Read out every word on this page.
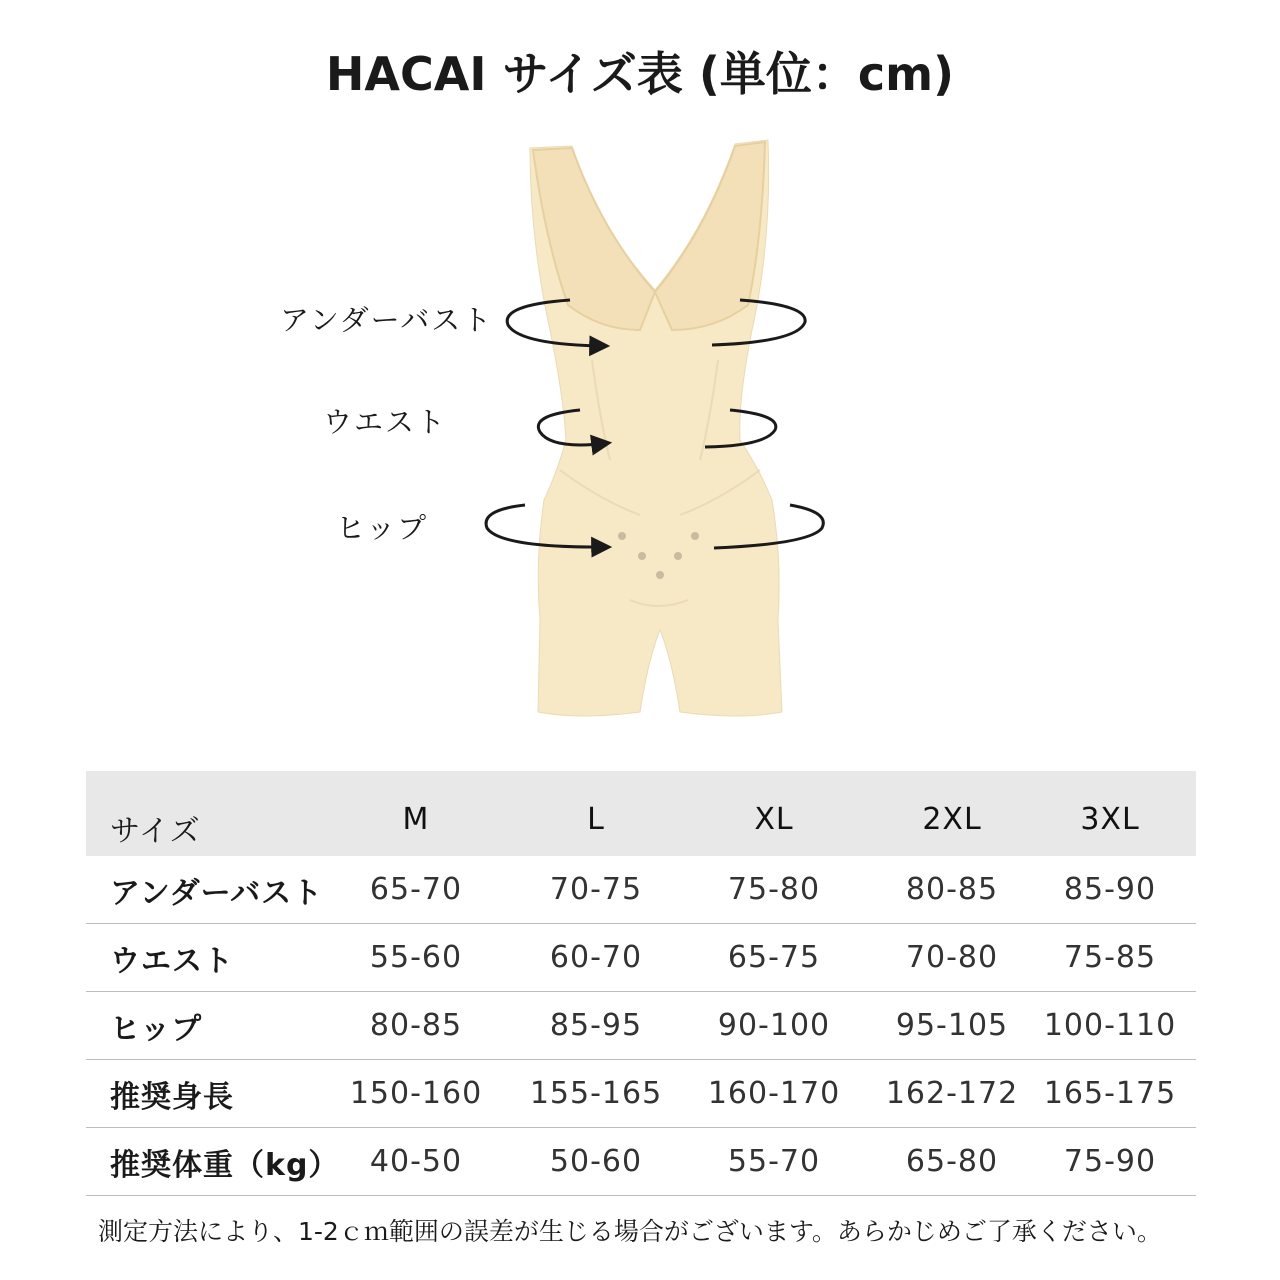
HACAI サイズ表 (単位：cm)
アンダーバスト
ウエスト
ヒップ
サイズ	M	L	XL	2XL	3XL
アンダーバスト	65-70	70-75	75-80	80-85	85-90
ウエスト	55-60	60-70	65-75	70-80	75-85
ヒップ	80-85	85-95	90-100	95-105	100-110
推奨身長	150-160	155-165	160-170	162-172 165-175
推奨体重（kg）	40-50	50-60	55-70	65-80	75-90
測定方法により、1-2ｃｍ範囲の誤差が生じる場合がございます。あらかじめご了承ください。
